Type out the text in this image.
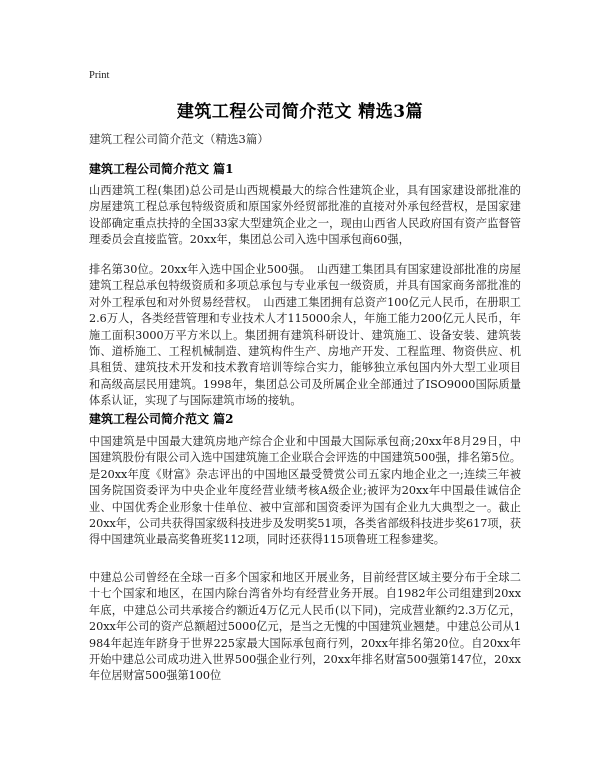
Print
建筑工程公司简介范文 精选3篇
建筑工程公司简介范文（精选3篇）
建筑工程公司简介范文 篇1
山西建筑工程(集团)总公司是山西规模最大的综合性建筑企业，具有国家建设部批准的房屋建筑工程总承包特级资质和原国家外经贸部批准的直接对外承包经营权，是国家建设部确定重点扶持的全国33家大型建筑企业之一，现由山西省人民政府国有资产监督管理委员会直接监管。20xx年，集团总公司入选中国承包商60强，
排名第30位。20xx年入选中国企业500强。　山西建工集团具有国家建设部批准的房屋建筑工程总承包特级资质和多项总承包与专业承包一级资质，并具有国家商务部批准的对外工程承包和对外贸易经营权。　山西建工集团拥有总资产100亿元人民币，在册职工2.6万人，各类经营管理和专业技术人才115000余人，年施工能力200亿元人民币，年施工面积3000万平方米以上。集团拥有建筑科研设计、建筑施工、设备安装、建筑装饰、道桥施工、工程机械制造、建筑构件生产、房地产开发、工程监理、物资供应、机具租赁、建筑技术开发和技术教育培训等综合实力，能够独立承包国内外大型工业项目和高级高层民用建筑。1998年，集团总公司及所属企业全部通过了ISO9000国际质量体系认证，实现了与国际建筑市场的接轨。
建筑工程公司简介范文 篇2
中国建筑是中国最大建筑房地产综合企业和中国最大国际承包商;20xx年8月29日，中国建筑股份有限公司入选中国建筑施工企业联合会评选的中国建筑500强，排名第5位。是20xx年度《财富》杂志评出的中国地区最受赞赏公司五家内地企业之一;连续三年被国务院国资委评为中央企业年度经营业绩考核A级企业;被评为20xx年中国最佳诚信企业、中国优秀企业形象十佳单位、被中宣部和国资委评为国有企业九大典型之一。截止20xx年，公司共获得国家级科技进步及发明奖51项，各类省部级科技进步奖617项，获得中国建筑业最高奖鲁班奖112项，同时还获得115项鲁班工程参建奖。
中建总公司曾经在全球一百多个国家和地区开展业务，目前经营区域主要分布于全球二十七个国家和地区，在国内除台湾省外均有经营业务开展。自1982年公司组建到20xx年底，中建总公司共承接合约额近4万亿元人民币(以下同)，完成营业额约2.3万亿元，20xx年公司的资产总额超过5000亿元，是当之无愧的中国建筑业翘楚。中建总公司从1984年起连年跻身于世界225家最大国际承包商行列，20xx年排名第20位。自20xx年开始中建总公司成功进入世界500强企业行列，20xx年排名财富500强第147位，20xx年位居财富500强第100位
